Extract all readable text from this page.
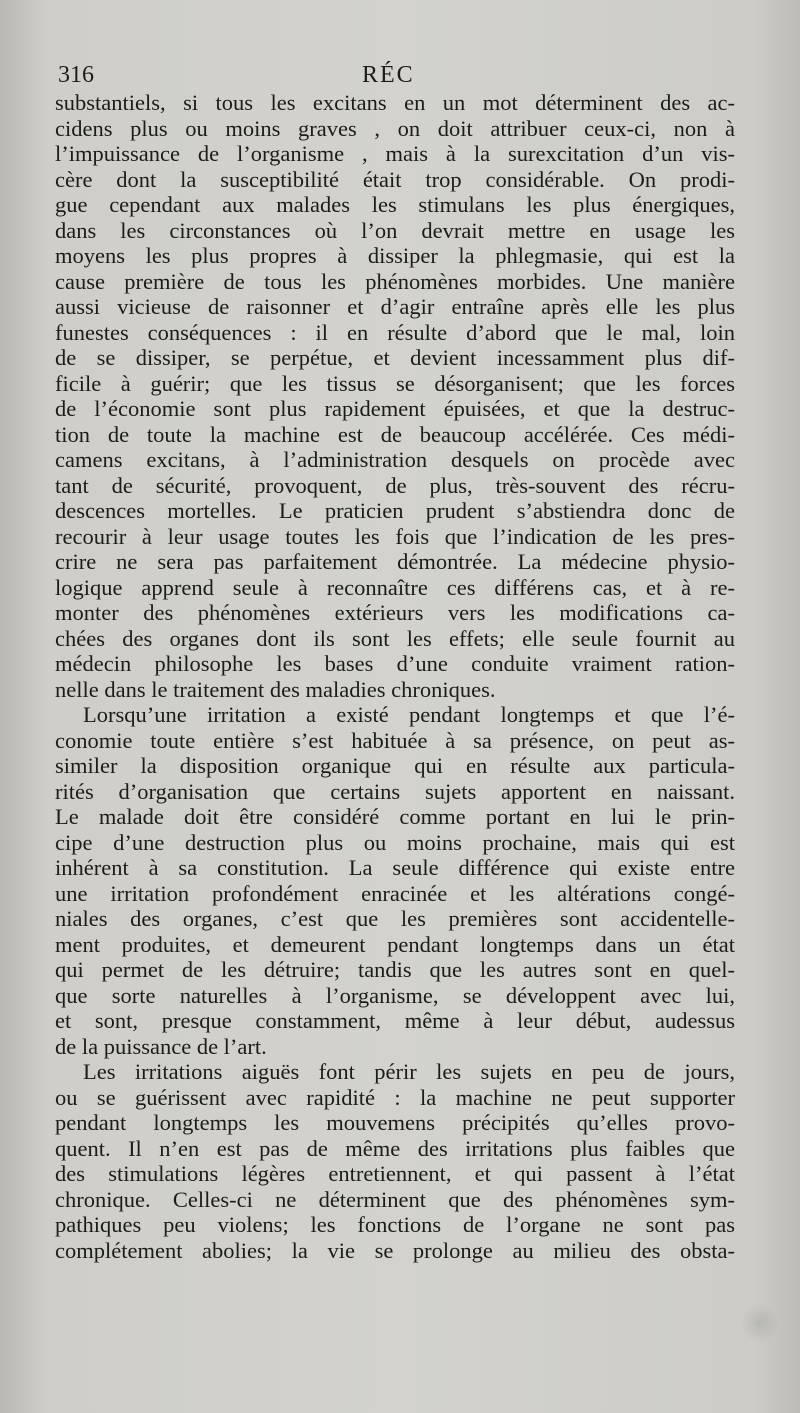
316	RÉC
substantiels, si tous les excitans en un mot déterminent des ac-
cidens plus ou moins graves , on doit attribuer ceux-ci, non à
l’impuissance de l’organisme , mais à la surexcitation d’un vis-
cère dont la susceptibilité était trop considérable. On prodi-
gue cependant aux malades les stimulans les plus énergiques,
dans les circonstances où l’on devrait mettre en usage les
moyens les plus propres à dissiper la phlegmasie, qui est la
cause première de tous les phénomènes morbides. Une manière
aussi vicieuse de raisonner et d’agir entraîne après elle les plus
funestes conséquences : il en résulte d’abord que le mal, loin
de se dissiper, se perpétue, et devient incessamment plus dif-
ficile à guérir; que les tissus se désorganisent; que les forces
de l’économie sont plus rapidement épuisées, et que la destruc-
tion de toute la machine est de beaucoup accélérée. Ces médi-
camens excitans, à l’administration desquels on procède avec
tant de sécurité, provoquent, de plus, très-souvent des récru-
descences mortelles. Le praticien prudent s’abstiendra donc de
recourir à leur usage toutes les fois que l’indication de les pres-
crire ne sera pas parfaitement démontrée. La médecine physio-
logique apprend seule à reconnaître ces différens cas, et à re-
monter des phénomènes extérieurs vers les modifications ca-
chées des organes dont ils sont les effets; elle seule fournit au
médecin philosophe les bases d’une conduite vraiment ration-
nelle dans le traitement des maladies chroniques.
Lorsqu’une irritation a existé pendant longtemps et que l’é-
conomie toute entière s’est habituée à sa présence, on peut as-
similer la disposition organique qui en résulte aux particula-
rités d’organisation que certains sujets apportent en naissant.
Le malade doit être considéré comme portant en lui le prin-
cipe d’une destruction plus ou moins prochaine, mais qui est
inhérent à sa constitution. La seule différence qui existe entre
une irritation profondément enracinée et les altérations congé-
niales des organes, c’est que les premières sont accidentelle-
ment produites, et demeurent pendant longtemps dans un état
qui permet de les détruire; tandis que les autres sont en quel-
que sorte naturelles à l’organisme, se développent avec lui,
et sont, presque constamment, même à leur début, audessus
de la puissance de l’art.
Les irritations aiguës font périr les sujets en peu de jours,
ou se guérissent avec rapidité : la machine ne peut supporter
pendant longtemps les mouvemens précipités qu’elles provo-
quent. Il n’en est pas de même des irritations plus faibles que
des stimulations légères entretiennent, et qui passent à l’état
chronique. Celles-ci ne déterminent que des phénomènes sym-
pathiques peu violens; les fonctions de l’organe ne sont pas
complétement abolies; la vie se prolonge au milieu des obsta-
